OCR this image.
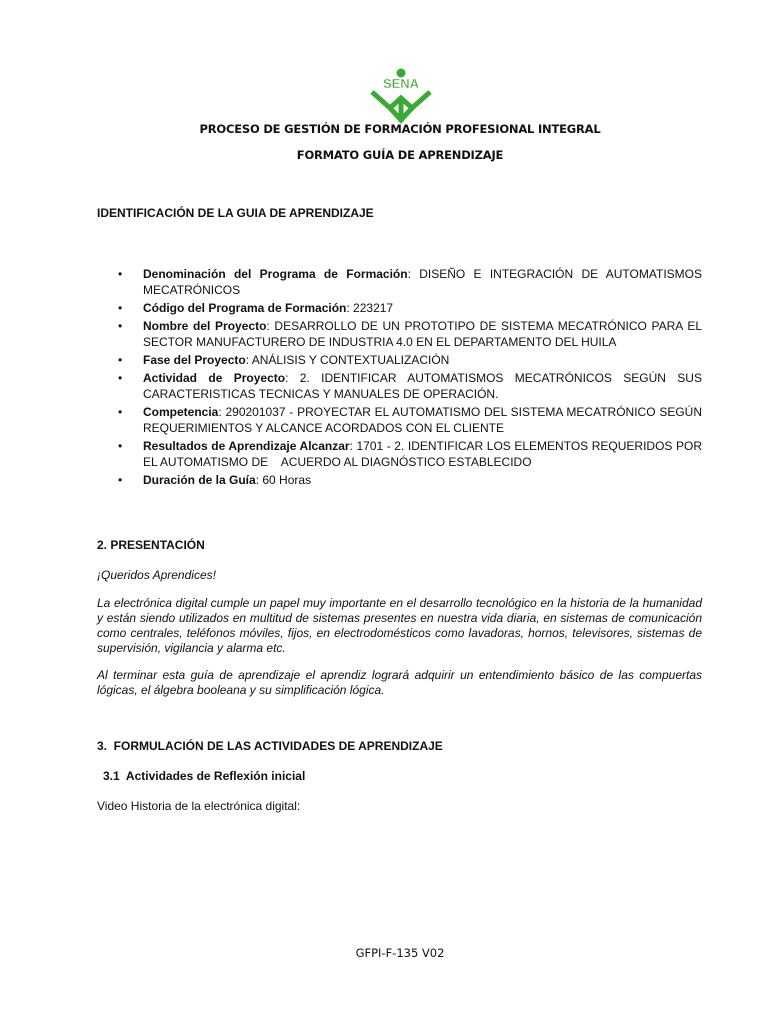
SENA
PROCESO DE GESTIÓN DE FORMACIÓN PROFESIONAL INTEGRAL
FORMATO GUÍA DE APRENDIZAJE
IDENTIFICACIÓN DE LA GUIA DE APRENDIZAJE
• Denominación del Programa de Formación: DISEÑO E INTEGRACIÓN DE AUTOMATISMOS MECATRÓNICOS
• Código del Programa de Formación: 223217
• Nombre del Proyecto: DESARROLLO DE UN PROTOTIPO DE SISTEMA MECATRÓNICO PARA EL SECTOR MANUFACTURERO DE INDUSTRIA 4.0 EN EL DEPARTAMENTO DEL HUILA
• Fase del Proyecto: ANÁLISIS Y CONTEXTUALIZACIÓN
• Actividad de Proyecto: 2. IDENTIFICAR AUTOMATISMOS MECATRÓNICOS SEGÚN SUS CARACTERISTICAS TECNICAS Y MANUALES DE OPERACIÓN.
• Competencia: 290201037 - PROYECTAR EL AUTOMATISMO DEL SISTEMA MECATRÓNICO SEGÚN REQUERIMIENTOS Y ALCANCE ACORDADOS CON EL CLIENTE
• Resultados de Aprendizaje Alcanzar: 1701 - 2. IDENTIFICAR LOS ELEMENTOS REQUERIDOS POR EL AUTOMATISMO DE    ACUERDO AL DIAGNÓSTICO ESTABLECIDO
• Duración de la Guía: 60 Horas
2. PRESENTACIÓN

¡Queridos Aprendices!

La electrónica digital cumple un papel muy importante en el desarrollo tecnológico en la historia de la humanidad y están siendo utilizados en multitud de sistemas presentes en nuestra vida diaria, en sistemas de comunicación como centrales, teléfonos móviles, fijos, en electrodomésticos como lavadoras, hornos, televisores, sistemas de supervisión, vigilancia y alarma etc.

Al terminar esta guía de aprendizaje el aprendiz logrará adquirir un entendimiento básico de las compuertas lógicas, el álgebra booleana y su simplificación lógica.

3.  FORMULACIÓN DE LAS ACTIVIDADES DE APRENDIZAJE
3.1  Actividades de Reflexión inicial
Video Historia de la electrónica digital:
GFPI-F-135 V02
